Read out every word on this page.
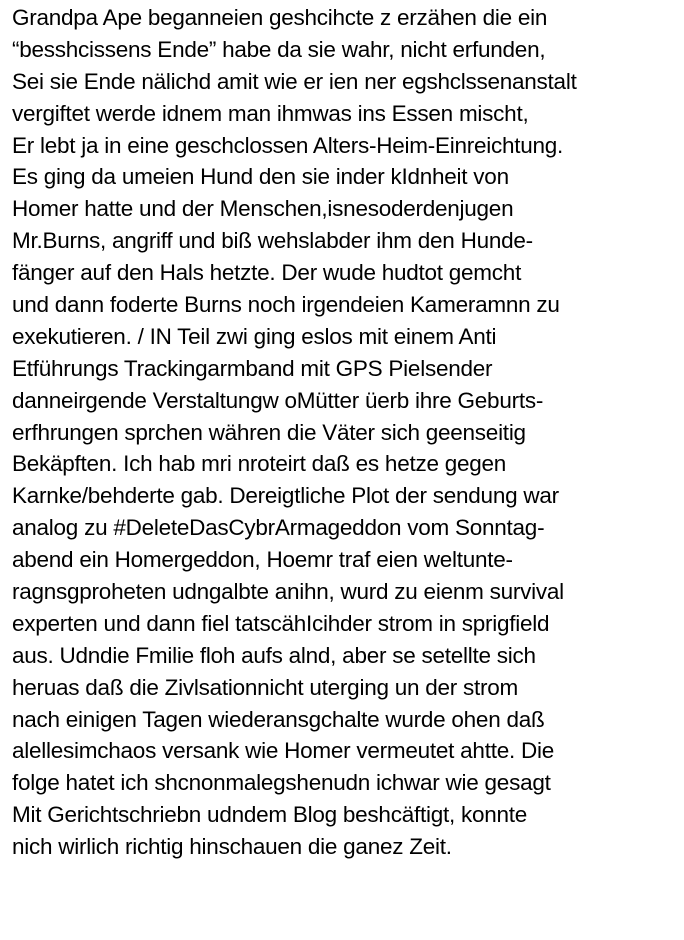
Grandpa Ape beganneien geshcihcte z erzähen die ein
“besshcissens Ende” habe da sie wahr, nicht erfunden,
Sei sie Ende nälichd amit wie er ien ner egshclssenanstalt
vergiftet werde idnem man ihmwas ins Essen mischt,
Er lebt ja in eine geschclossen Alters-Heim-Einreichtung.
Es ging da umeien Hund den sie inder kIdnheit von
Homer hatte und der Menschen,isnesoderdenjugen
Mr.Burns, angriff und biß wehslabder ihm den Hunde-
fänger auf den Hals hetzte. Der wude hudtot gemcht
und dann foderte Burns noch irgendeien Kameramnn zu
exekutieren. / IN Teil zwi ging eslos mit einem Anti
Etführungs Trackingarmband mit GPS Pielsender
danneirgende Verstaltungw oMütter üerb ihre Geburts-
erfhrungen sprchen währen die Väter sich geenseitig
Bekäpften. Ich hab mri nroteirt daß es hetze gegen
Karnke/behderte gab. Dereigtliche Plot der sendung war
analog zu #DeleteDasCybrArmageddon vom Sonntag-
abend ein Homergeddon, Hoemr traf eien weltunte-
ragnsgproheten udngalbte anihn, wurd zu eienm survival
experten und dann fiel tatscähIcihder strom in sprigfield
aus. Udndie Fmilie floh aufs alnd, aber se setellte sich
heruas daß die Zivlsationnicht uterging un der strom
nach einigen Tagen wiederansgchalte wurde ohen daß
alellesimchaos versank wie Homer vermeutet ahtte. Die
folge hatet ich shcnonmalegshenudn ichwar wie gesagt
Mit Gerichtschriebn udndem Blog beshcäftigt, konnte
nich wirlich richtig hinschauen die ganez Zeit.
